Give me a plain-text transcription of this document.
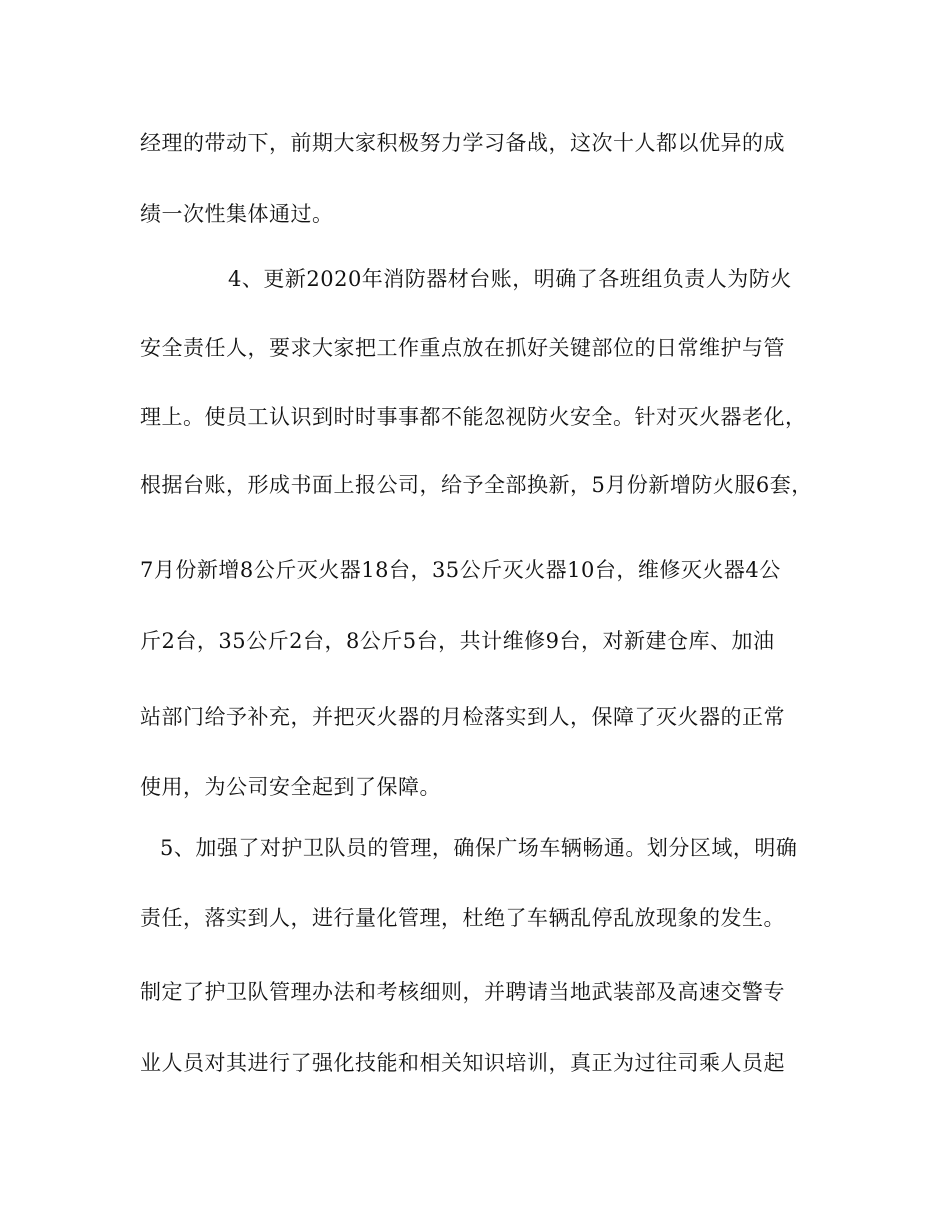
经理的带动下，前期大家积极努力学习备战，这次十人都以优异的成
绩一次性集体通过。
4、更新2020年消防器材台账，明确了各班组负责人为防火
安全责任人，要求大家把工作重点放在抓好关键部位的日常维护与管
理上。使员工认识到时时事事都不能忽视防火安全。针对灭火器老化，
根据台账，形成书面上报公司，给予全部换新，5月份新增防火服6套，
7月份新增8公斤灭火器18台，35公斤灭火器10台，维修灭火器4公
斤2台，35公斤2台，8公斤5台，共计维修9台，对新建仓库、加油
站部门给予补充，并把灭火器的月检落实到人，保障了灭火器的正常
使用，为公司安全起到了保障。
5、加强了对护卫队员的管理，确保广场车辆畅通。划分区域，明确
责任，落实到人，进行量化管理，杜绝了车辆乱停乱放现象的发生。
制定了护卫队管理办法和考核细则，并聘请当地武装部及高速交警专
业人员对其进行了强化技能和相关知识培训，真正为过往司乘人员起
